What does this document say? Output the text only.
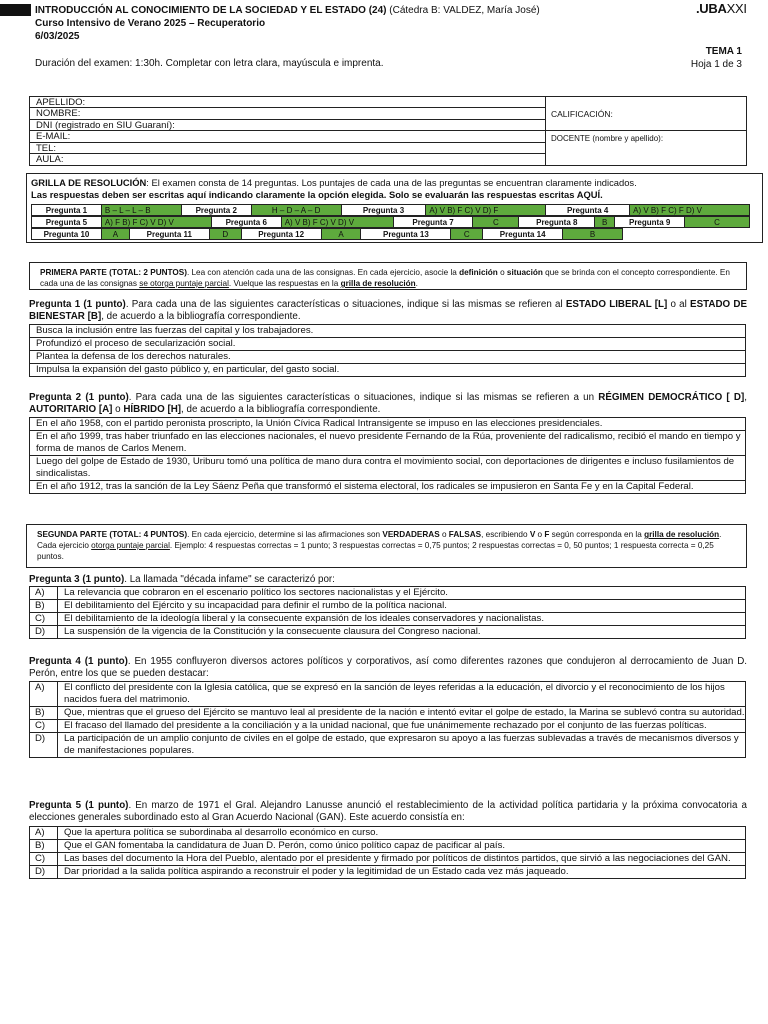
INTRODUCCIÓN AL CONOCIMIENTO DE LA SOCIEDAD Y EL ESTADO (24) (Cátedra B: VALDEZ, María José)
Curso Intensivo de Verano 2025 – Recuperatorio
6/03/2025
.UBAXXI
TEMA 1
Hoja 1 de 3
Duración del examen: 1:30h. Completar con letra clara, mayúscula e imprenta.
APELLIDO:
NOMBRE:
DNI (registrado en SIU Guaraní):
E-MAIL:
TEL:
AULA:
CALIFICACIÓN:
DOCENTE (nombre y apellido):
GRILLA DE RESOLUCIÓN: El examen consta de 14 preguntas. Los puntajes de cada una de las preguntas se encuentran claramente indicados.
Las respuestas deben ser escritas aquí indicando claramente la opción elegida. Solo se evaluarán las respuestas escritas AQUÍ.
Pregunta 1	B – L – L – B	Pregunta 2	H – D – A – D	Pregunta 3	A) V B) F C) V D) F	Pregunta 4	A) V B) F C) F D) V
Pregunta 5	A) F B) F C) V D) V	Pregunta 6	A) V B) F C) V D) V	Pregunta 7	C	Pregunta 8	B	Pregunta 9	C
Pregunta 10	A	Pregunta 11	D	Pregunta 12	A	Pregunta 13	C	Pregunta 14	B
PRIMERA PARTE (TOTAL: 2 PUNTOS). Lea con atención cada una de las consignas. En cada ejercicio, asocie la definición o situación que se brinda con el concepto correspondiente. En cada una de las consignas se otorga puntaje parcial. Vuelque las respuestas en la grilla de resolución.
Pregunta 1 (1 punto). Para cada una de las siguientes características o situaciones, indique si las mismas se refieren al ESTADO LIBERAL [L] o al ESTADO DE BIENESTAR [B], de acuerdo a la bibliografía correspondiente.
Busca la inclusión entre las fuerzas del capital y los trabajadores.
Profundizó el proceso de secularización social.
Plantea la defensa de los derechos naturales.
Impulsa la expansión del gasto público y, en particular, del gasto social.
Pregunta 2 (1 punto). Para cada una de las siguientes características o situaciones, indique si las mismas se refieren a un RÉGIMEN DEMOCRÁTICO [ D], AUTORITARIO [A] o HÍBRIDO [H], de acuerdo a la bibliografía correspondiente.
En el año 1958, con el partido peronista proscripto, la Unión Cívica Radical Intransigente se impuso en las elecciones presidenciales.
En el año 1999, tras haber triunfado en las elecciones nacionales, el nuevo presidente Fernando de la Rúa, proveniente del radicalismo, recibió el mando en tiempo y forma de manos de Carlos Menem.
Luego del golpe de Estado de 1930, Uriburu tomó una política de mano dura contra el movimiento social, con deportaciones de dirigentes e incluso fusilamientos de sindicalistas.
En el año 1912, tras la sanción de la Ley Sáenz Peña que transformó el sistema electoral, los radicales se impusieron en Santa Fe y en la Capital Federal.
SEGUNDA PARTE (TOTAL: 4 PUNTOS). En cada ejercicio, determine si las afirmaciones son VERDADERAS o FALSAS, escribiendo V o F según corresponda en la grilla de resolución. Cada ejercicio otorga puntaje parcial. Ejemplo: 4 respuestas correctas = 1 punto; 3 respuestas correctas = 0,75 puntos; 2 respuestas correctas = 0, 50 puntos; 1 respuesta correcta = 0,25 puntos.
Pregunta 3 (1 punto). La llamada "década infame" se caracterizó por:
A)	La relevancia que cobraron en el escenario político los sectores nacionalistas y el Ejército.
B)	El debilitamiento del Ejército y su incapacidad para definir el rumbo de la política nacional.
C)	El debilitamiento de la ideología liberal y la consecuente expansión de los ideales conservadores y nacionalistas.
D)	La suspensión de la vigencia de la Constitución y la consecuente clausura del Congreso nacional.
Pregunta 4 (1 punto). En 1955 confluyeron diversos actores políticos y corporativos, así como diferentes razones que condujeron al derrocamiento de Juan D. Perón, entre los que se pueden destacar:
A)	El conflicto del presidente con la Iglesia católica, que se expresó en la sanción de leyes referidas a la educación, el divorcio y el reconocimiento de los hijos nacidos fuera del matrimonio.
B)	Que, mientras que el grueso del Ejército se mantuvo leal al presidente de la nación e intentó evitar el golpe de estado, la Marina se sublevó contra su autoridad.
C)	El fracaso del llamado del presidente a la conciliación y a la unidad nacional, que fue unánimemente rechazado por el conjunto de las fuerzas políticas.
D)	La participación de un amplio conjunto de civiles en el golpe de estado, que expresaron su apoyo a las fuerzas sublevadas a través de mecanismos diversos y de manifestaciones populares.
Pregunta 5 (1 punto). En marzo de 1971 el Gral. Alejandro Lanusse anunció el restablecimiento de la actividad política partidaria y la próxima convocatoria a elecciones generales subordinado esto al Gran Acuerdo Nacional (GAN). Este acuerdo consistía en:
A)	Que la apertura política se subordinaba al desarrollo económico en curso.
B)	Que el GAN fomentaba la candidatura de Juan D. Perón, como único político capaz de pacificar al país.
C)	Las bases del documento la Hora del Pueblo, alentado por el presidente y firmado por políticos de distintos partidos, que sirvió a las negociaciones del GAN.
D)	Dar prioridad a la salida política aspirando a reconstruir el poder y la legitimidad de un Estado cada vez más jaqueado.
